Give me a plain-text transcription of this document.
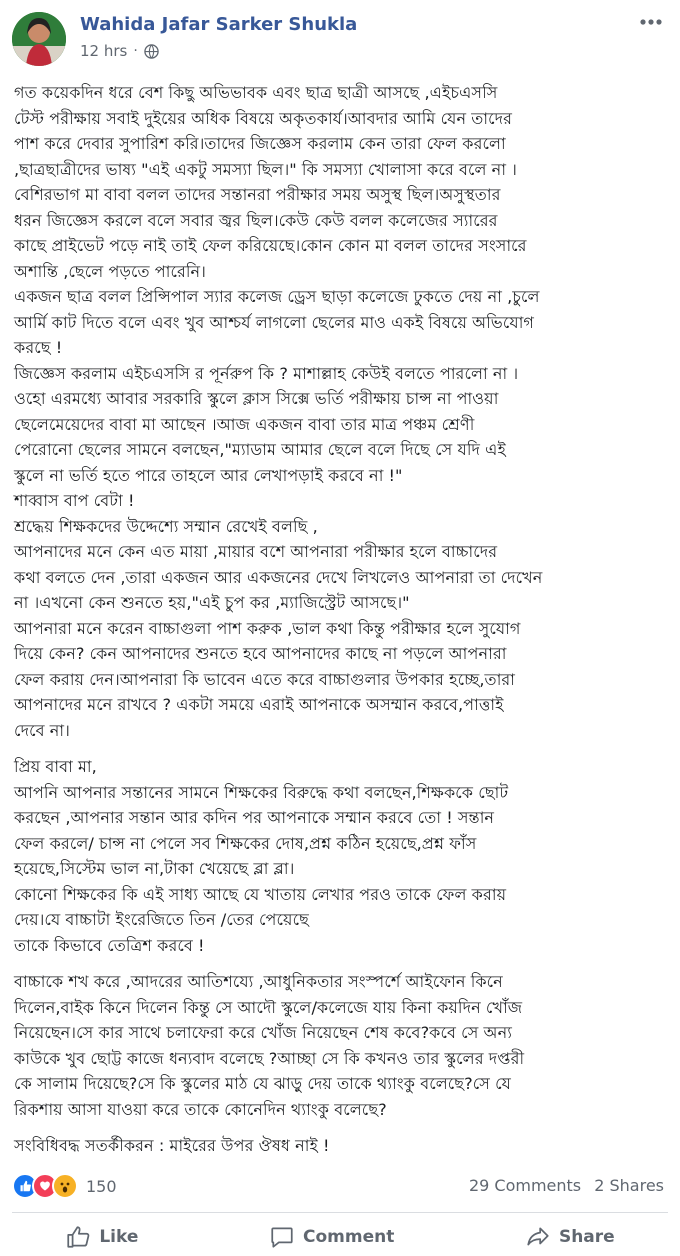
Wahida Jafar Sarker Shukla
12 hrs ·

গত কয়েকদিন ধরে বেশ কিছু অভিভাবক এবং ছাত্র ছাত্রী আসছে ,এইচএসসি
টেস্ট পরীক্ষায় সবাই দুইয়ের অধিক বিষয়ে অকৃতকার্য।আবদার আমি যেন তাদের
পাশ করে দেবার সুপারিশ করি।তাদের জিজ্ঞেস করলাম কেন তারা ফেল করলো
,ছাত্রছাত্রীদের ভাষ্য "এই একটু সমস্যা ছিল।" কি সমস্যা খোলাসা করে বলে না ।
বেশিরভাগ মা বাবা বলল তাদের সন্তানরা পরীক্ষার সময় অসুস্থ ছিল।অসুস্থতার
ধরন জিজ্ঞেস করলে বলে সবার জ্বর ছিল।কেউ কেউ বলল কলেজের স্যারের
কাছে প্রাইভেট পড়ে নাই তাই ফেল করিয়েছে।কোন কোন মা বলল তাদের সংসারে
অশান্তি ,ছেলে পড়তে পারেনি।
একজন ছাত্র বলল প্রিন্সিপাল স্যার কলেজ ড্রেস ছাড়া কলেজে ঢুকতে দেয় না ,চুলে
আর্মি কাট দিতে বলে এবং খুব আশ্চর্য লাগলো ছেলের মাও একই বিষয়ে অভিযোগ
করছে !
জিজ্ঞেস করলাম এইচএসসি র পূর্নরুপ কি ? মাশাল্লাহ কেউই বলতে পারলো না ।
ওহো এরমধ্যে আবার সরকারি স্কুলে ক্লাস সিক্সে ভর্তি পরীক্ষায় চান্স না পাওয়া
ছেলেমেয়েদের বাবা মা আছেন ।আজ একজন বাবা তার মাত্র পঞ্চম শ্রেণী
পেরোনো ছেলের সামনে বলছেন,"ম্যাডাম আমার ছেলে বলে দিছে সে যদি এই
স্কুলে না ভর্তি হতে পারে তাহলে আর লেখাপড়াই করবে না !"
শাব্বাস বাপ বেটা !
শ্রদ্ধেয় শিক্ষকদের উদ্দেশ্যে সম্মান রেখেই বলছি ,
আপনাদের মনে কেন এত মায়া ,মায়ার বশে আপনারা পরীক্ষার হলে বাচ্চাদের
কথা বলতে দেন ,তারা একজন আর একজনের দেখে লিখলেও আপনারা তা দেখেন
না ।এখনো কেন শুনতে হয়,"এই চুপ কর ,ম্যাজিস্ট্রেট আসছে।"
আপনারা মনে করেন বাচ্চাগুলা পাশ করুক ,ভাল কথা কিন্তু পরীক্ষার হলে সুযোগ
দিয়ে কেন? কেন আপনাদের শুনতে হবে আপনাদের কাছে না পড়লে আপনারা
ফেল করায় দেন।আপনারা কি ভাবেন এতে করে বাচ্চাগুলার উপকার হচ্ছে,তারা
আপনাদের মনে রাখবে ? একটা সময়ে এরাই আপনাকে অসম্মান করবে,পাত্তাই
দেবে না।

প্রিয় বাবা মা,
আপনি আপনার সন্তানের সামনে শিক্ষকের বিরুদ্ধে কথা বলছেন,শিক্ষককে ছোট
করছেন ,আপনার সন্তান আর কদিন পর আপনাকে সম্মান করবে তো ! সন্তান
ফেল করলে/ চান্স না পেলে সব শিক্ষকের দোষ,প্রশ্ন কঠিন হয়েছে,প্রশ্ন ফাঁস
হয়েছে,সিস্টেম ভাল না,টাকা খেয়েছে ব্লা ব্লা।
কোনো শিক্ষকের কি এই সাধ্য আছে যে খাতায় লেখার পরও তাকে ফেল করায়
দেয়।যে বাচ্চাটা ইংরেজিতে তিন /তের পেয়েছে
তাকে কিভাবে তেত্রিশ করবে !

বাচ্চাকে শখ করে ,আদরের আতিশয্যে ,আধুনিকতার সংস্পর্শে আইফোন কিনে
দিলেন,বাইক কিনে দিলেন কিন্তু সে আদৌ স্কুলে/কলেজে যায় কিনা কয়দিন খোঁজ
নিয়েছেন।সে কার সাথে চলাফেরা করে খোঁজ নিয়েছেন শেষ কবে?কবে সে অন্য
কাউকে খুব ছোট্ট কাজে ধন্যবাদ বলেছে ?আচ্ছা সে কি কখনও তার স্কুলের দপ্তরী
কে সালাম দিয়েছে?সে কি স্কুলের মাঠ যে ঝাড়ু দেয় তাকে থ্যাংকু বলেছে?সে যে
রিকশায় আসা যাওয়া করে তাকে কোনেদিন থ্যাংকু বলেছে?

সংবিধিবদ্ধ সতর্কীকরন : মাইরের উপর ঔষধ নাই !

150	29 Comments 2 Shares
Like	Comment	Share
